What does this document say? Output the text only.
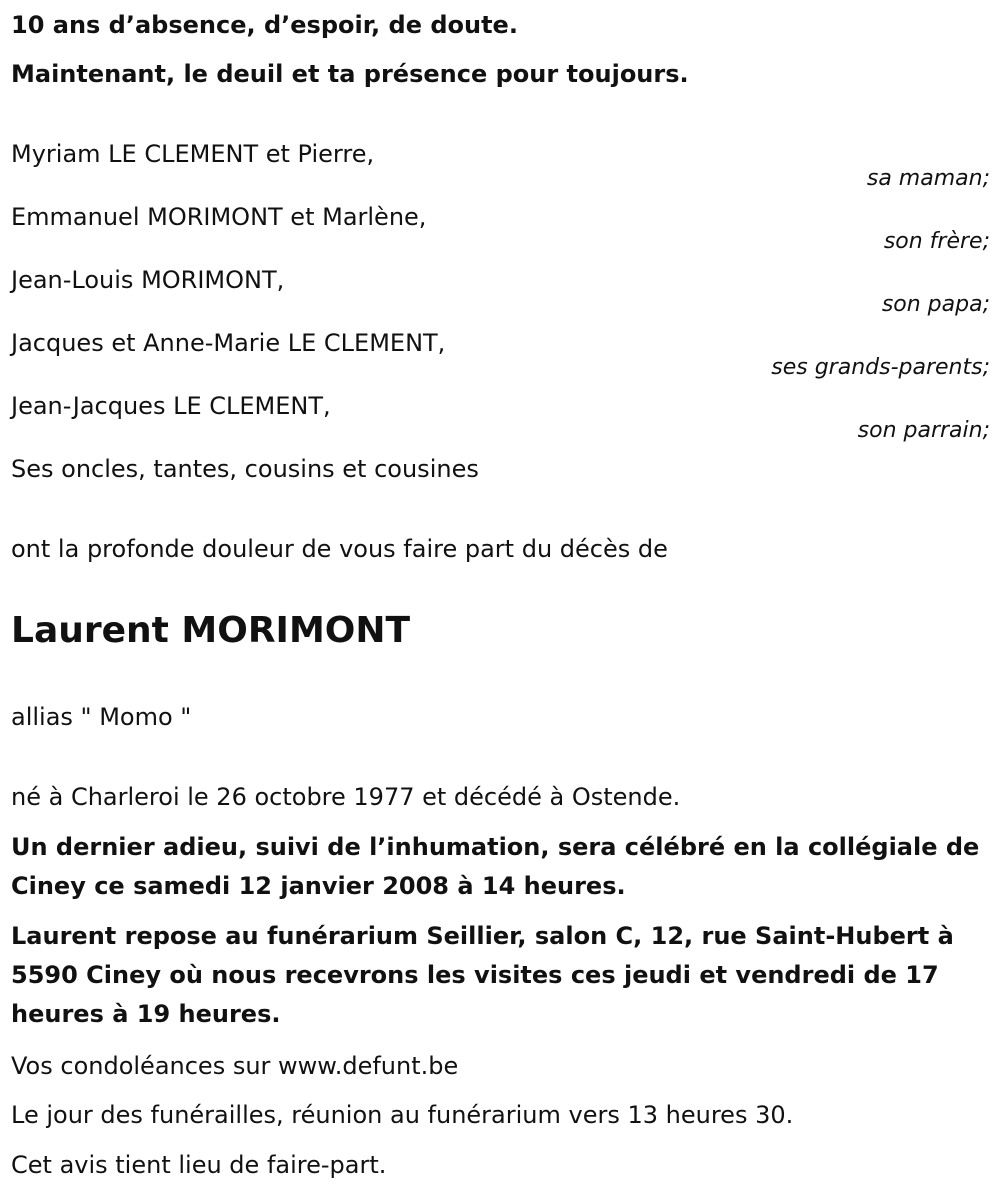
10 ans d’absence, d’espoir, de doute.

Maintenant, le deuil et ta présence pour toujours.

Myriam LE CLEMENT et Pierre,

sa maman;

Emmanuel MORIMONT et Marlène,

son frère;

Jean-Louis MORIMONT,

son papa;

Jacques et Anne-Marie LE CLEMENT,

ses grands-parents;

Jean-Jacques LE CLEMENT,

son parrain;

Ses oncles, tantes, cousins et cousines

ont la profonde douleur de vous faire part du décès de

Laurent MORIMONT

allias " Momo "

né à Charleroi le 26 octobre 1977 et décédé à Ostende.

Un dernier adieu, suivi de l’inhumation, sera célébré en la collégiale de Ciney ce samedi 12 janvier 2008 à 14 heures.

Laurent repose au funérarium Seillier, salon C, 12, rue Saint-Hubert à 5590 Ciney où nous recevrons les visites ces jeudi et vendredi de 17 heures à 19 heures.

Vos condoléances sur www.defunt.be

Le jour des funérailles, réunion au funérarium vers 13 heures 30.

Cet avis tient lieu de faire-part.
